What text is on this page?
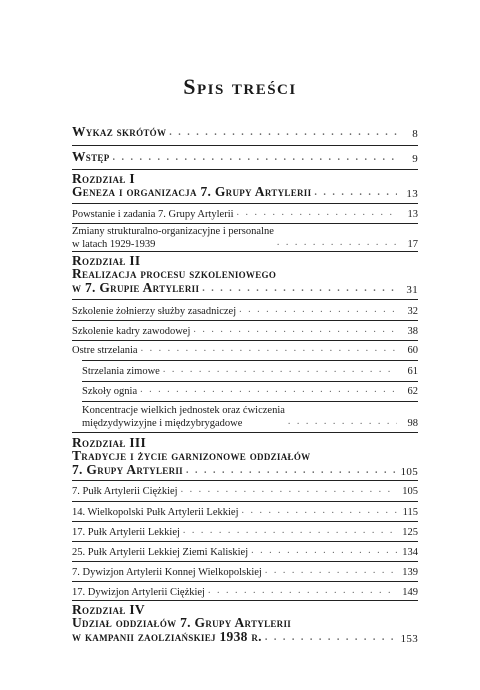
Spis treści
Wykaz skrótów . . .	8
Wstęp . . .	9
Rozdział I
Geneza i organizacja 7. Grupy Artylerii . . .	13
Powstanie i zadania 7. Grupy Artylerii . . .	13
Zmiany strukturalno-organizacyjne i personalne
w latach 1929-1939 . . .	17
Rozdział II
Realizacja procesu szkoleniowego
w 7. Grupie Artylerii . . .	31
Szkolenie żołnierzy służby zasadniczej . . .	32
Szkolenie kadry zawodowej . . .	38
Ostre strzelania . . .	60
Strzelania zimowe . . .	61
Szkoły ognia . . .	62
Koncentracje wielkich jednostek oraz ćwiczenia
międzydywizyjne i międzybrygadowe . . .	98
Rozdział III
Tradycje i życie garnizonowe oddziałów
7. Grupy Artylerii . . .	105
7. Pułk Artylerii Ciężkiej . . .	105
14. Wielkopolski Pułk Artylerii Lekkiej . . .	115
17. Pułk Artylerii Lekkiej . . .	125
25. Pułk Artylerii Lekkiej Ziemi Kaliskiej . . .	134
7. Dywizjon Artylerii Konnej Wielkopolskiej . . .	139
17. Dywizjon Artylerii Ciężkiej . . .	149
Rozdział IV
Udział oddziałów 7. Grupy Artylerii
w kampanii zaolziańskiej 1938 r. . . .	153
